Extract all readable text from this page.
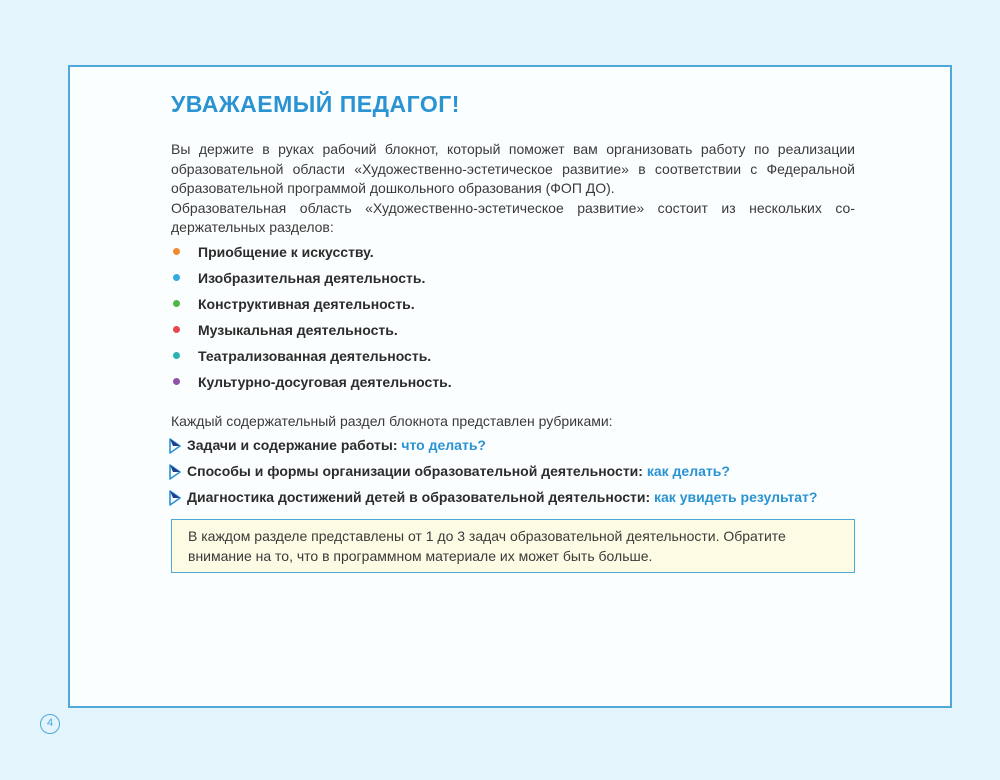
УВАЖАЕМЫЙ ПЕДАГОГ!

Вы держите в руках рабочий блокнот, который поможет вам организовать работу по реализации образовательной области «Художественно-эстетическое развитие» в соответствии с Федеральной образовательной программой дошкольного образования (ФОП ДО).

Образовательная область «Художественно-эстетическое развитие» состоит из нескольких содержательных разделов:

Приобщение к искусству.
Изобразительная деятельность.
Конструктивная деятельность.
Музыкальная деятельность.
Театрализованная деятельность.
Культурно-досуговая деятельность.
Каждый содержательный раздел блокнота представлен рубриками:
Задачи и содержание работы: что делать?
Способы и формы организации образовательной деятельности: как делать?
Диагностика достижений детей в образовательной деятельности: как увидеть результат?
В каждом разделе представлены от 1 до 3 задач образовательной деятельности. Обратите внимание на то, что в программном материале их может быть больше.
4
